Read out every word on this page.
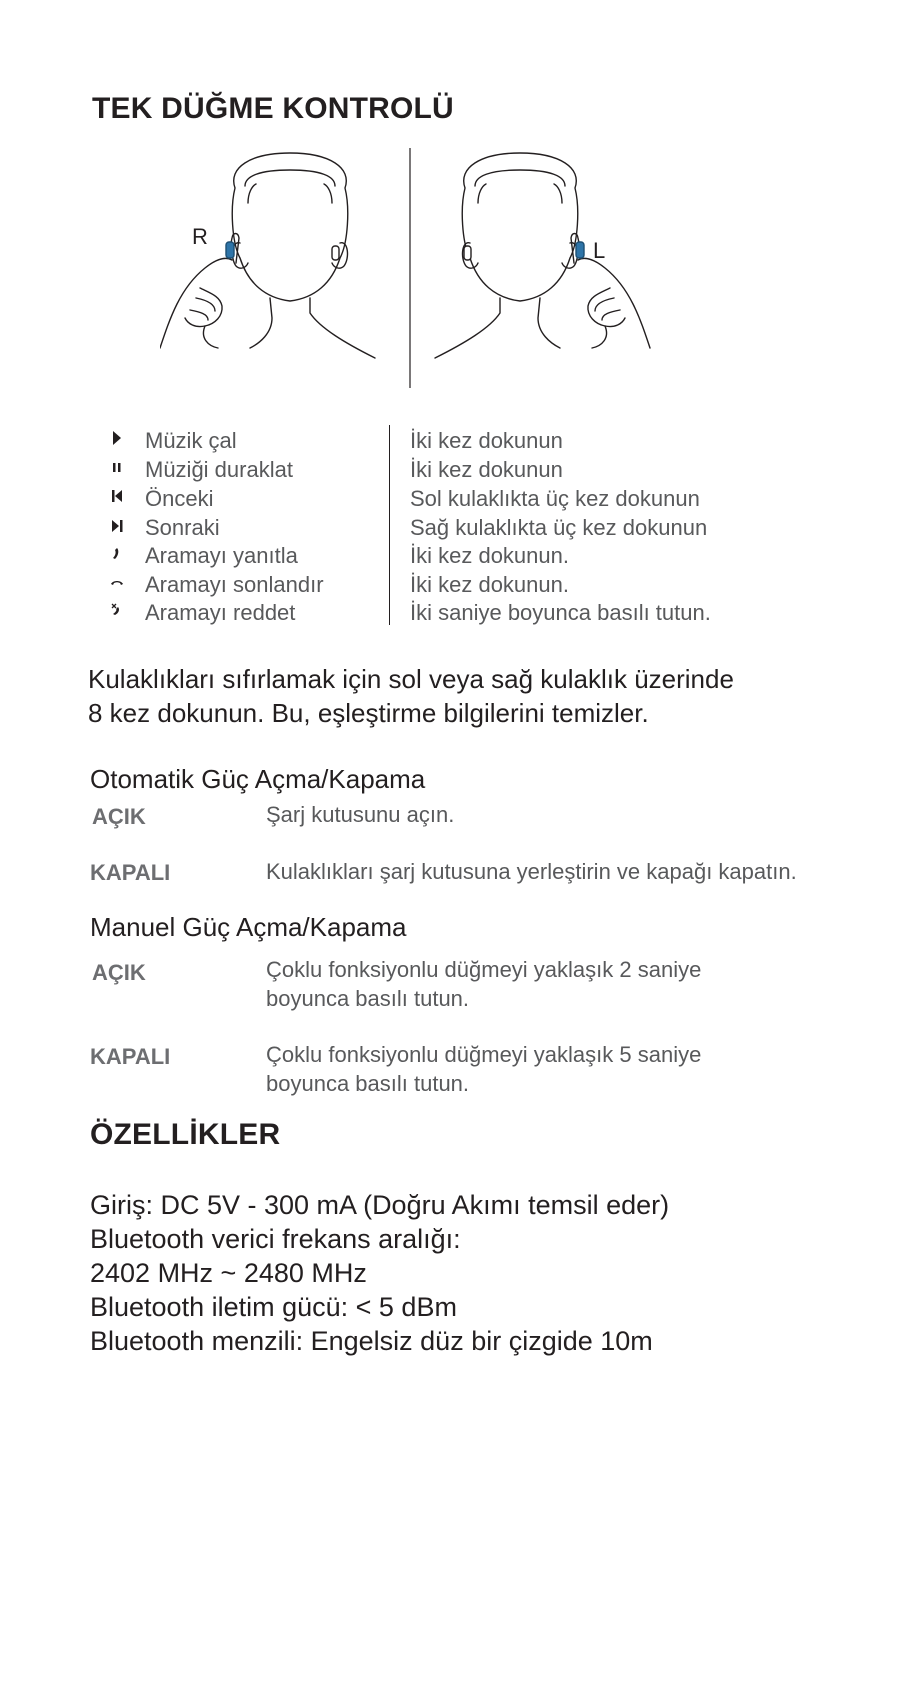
TEK DÜĞME KONTROLÜ
R
L
Müzik çal	İki kez dokunun
Müziği duraklat	İki kez dokunun
Önceki	Sol kulaklıkta üç kez dokunun
Sonraki	Sağ kulaklıkta üç kez dokunun
Aramayı yanıtla	İki kez dokunun.
Aramayı sonlandır	İki kez dokunun.
Aramayı reddet	İki saniye boyunca basılı tutun.
Kulaklıkları sıfırlamak için sol veya sağ kulaklık üzerinde
8 kez dokunun. Bu, eşleştirme bilgilerini temizler.
Otomatik Güç Açma/Kapama
AÇIK	Şarj kutusunu açın.
KAPALI	Kulaklıkları şarj kutusuna yerleştirin ve kapağı kapatın.
Manuel Güç Açma/Kapama
AÇIK	Çoklu fonksiyonlu düğmeyi yaklaşık 2 saniye
boyunca basılı tutun.
KAPALI	Çoklu fonksiyonlu düğmeyi yaklaşık 5 saniye
boyunca basılı tutun.
ÖZELLİKLER
Giriş: DC 5V - 300 mA (Doğru Akımı temsil eder)
Bluetooth verici frekans aralığı:
2402 MHz ~ 2480 MHz
Bluetooth iletim gücü: < 5 dBm
Bluetooth menzili: Engelsiz düz bir çizgide 10m
